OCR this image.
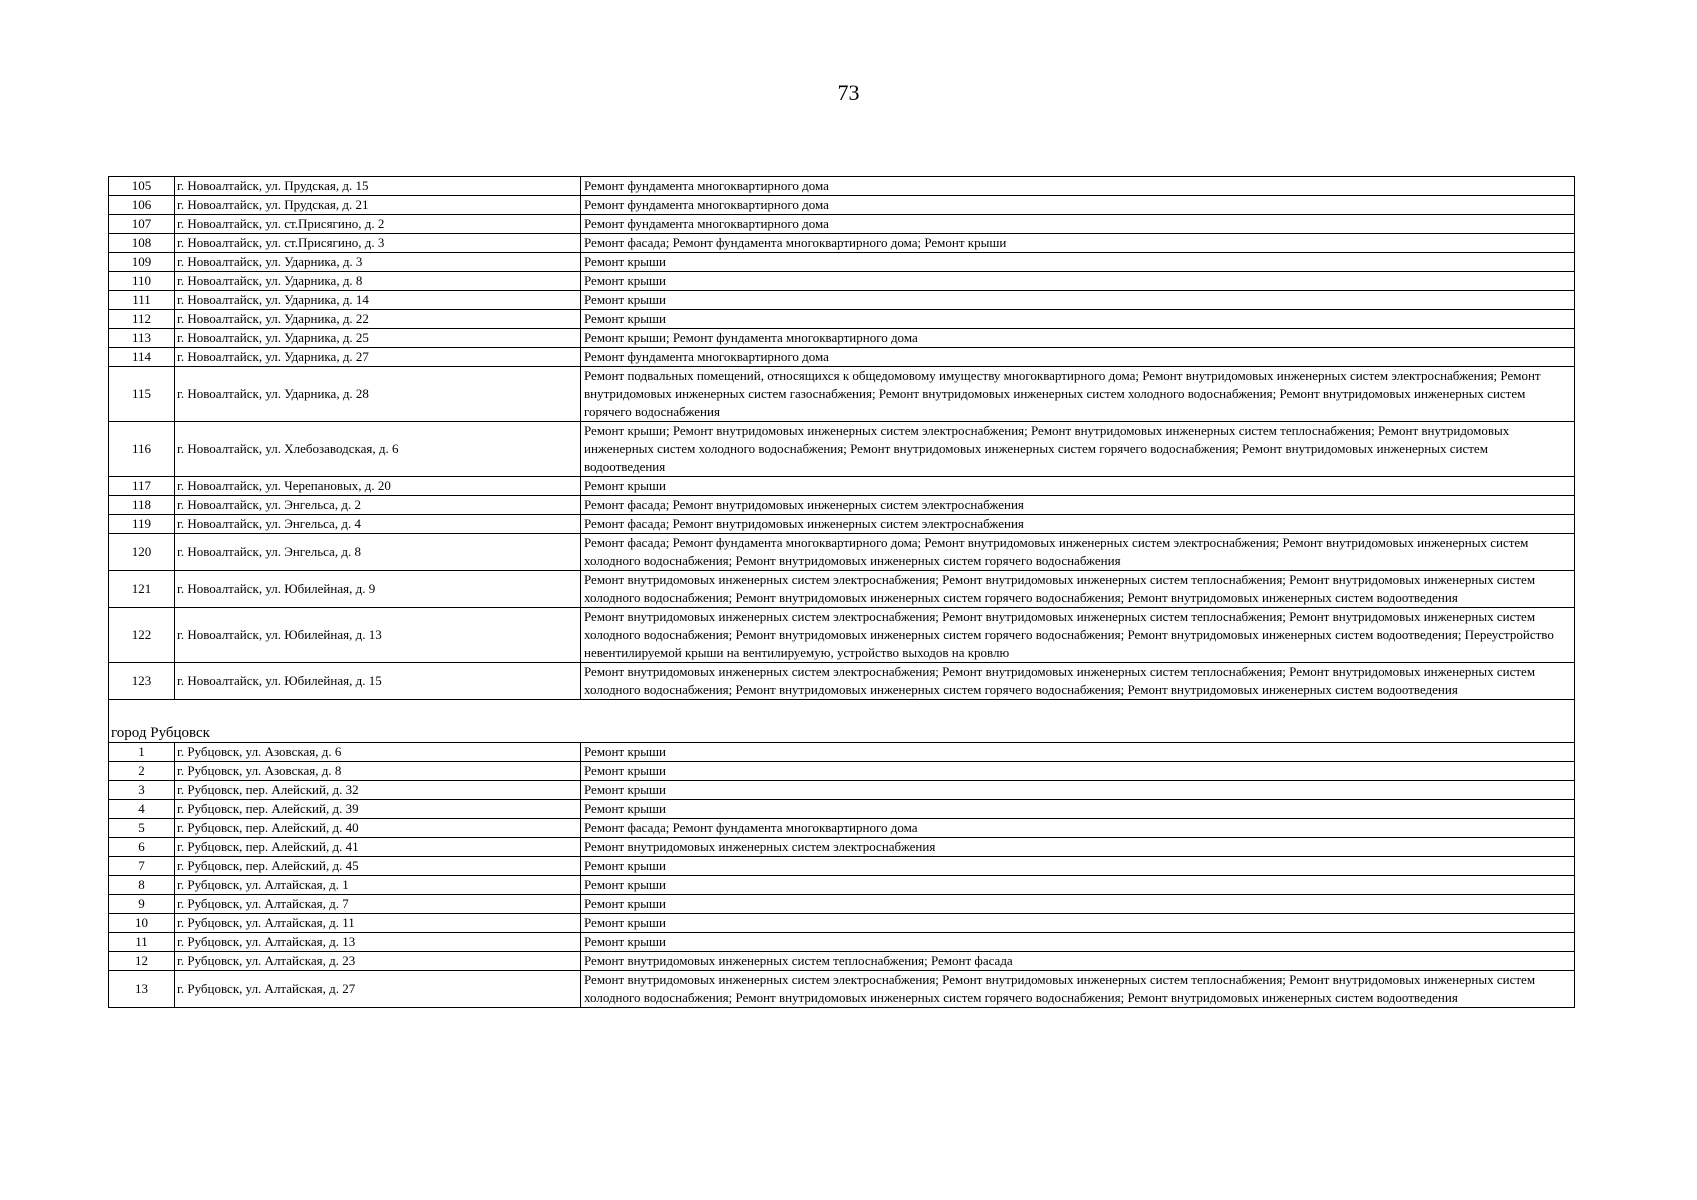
73
105	г. Новоалтайск, ул. Прудская, д. 15	Ремонт фундамента многоквартирного дома
106	г. Новоалтайск, ул. Прудская, д. 21	Ремонт фундамента многоквартирного дома
107	г. Новоалтайск, ул. ст.Присягино, д. 2	Ремонт фундамента многоквартирного дома
108	г. Новоалтайск, ул. ст.Присягино, д. 3	Ремонт фасада; Ремонт фундамента многоквартирного дома; Ремонт крыши
109	г. Новоалтайск, ул. Ударника, д. 3	Ремонт крыши
110	г. Новоалтайск, ул. Ударника, д. 8	Ремонт крыши
111	г. Новоалтайск, ул. Ударника, д. 14	Ремонт крыши
112	г. Новоалтайск, ул. Ударника, д. 22	Ремонт крыши
113	г. Новоалтайск, ул. Ударника, д. 25	Ремонт крыши; Ремонт фундамента многоквартирного дома
114	г. Новоалтайск, ул. Ударника, д. 27	Ремонт фундамента многоквартирного дома
115	г. Новоалтайск, ул. Ударника, д. 28	Ремонт подвальных помещений, относящихся к общедомовому имуществу многоквартирного дома; Ремонт внутридомовых инженерных систем электроснабжения; Ремонт внутридомовых инженерных систем газоснабжения; Ремонт внутридомовых инженерных систем холодного водоснабжения; Ремонт внутридомовых инженерных систем горячего водоснабжения
116	г. Новоалтайск, ул. Хлебозаводская, д. 6	Ремонт крыши; Ремонт внутридомовых инженерных систем электроснабжения; Ремонт внутридомовых инженерных систем теплоснабжения; Ремонт внутридомовых инженерных систем холодного водоснабжения; Ремонт внутридомовых инженерных систем горячего водоснабжения; Ремонт внутридомовых инженерных систем водоотведения
117	г. Новоалтайск, ул. Черепановых, д. 20	Ремонт крыши
118	г. Новоалтайск, ул. Энгельса, д. 2	Ремонт фасада; Ремонт внутридомовых инженерных систем электроснабжения
119	г. Новоалтайск, ул. Энгельса, д. 4	Ремонт фасада; Ремонт внутридомовых инженерных систем электроснабжения
120	г. Новоалтайск, ул. Энгельса, д. 8	Ремонт фасада; Ремонт фундамента многоквартирного дома; Ремонт внутридомовых инженерных систем электроснабжения; Ремонт внутридомовых инженерных систем холодного водоснабжения; Ремонт внутридомовых инженерных систем горячего водоснабжения
121	г. Новоалтайск, ул. Юбилейная, д. 9	Ремонт внутридомовых инженерных систем электроснабжения; Ремонт внутридомовых инженерных систем теплоснабжения; Ремонт внутридомовых инженерных систем холодного водоснабжения; Ремонт внутридомовых инженерных систем горячего водоснабжения; Ремонт внутридомовых инженерных систем водоотведения
122	г. Новоалтайск, ул. Юбилейная, д. 13	Ремонт внутридомовых инженерных систем электроснабжения; Ремонт внутридомовых инженерных систем теплоснабжения; Ремонт внутридомовых инженерных систем холодного водоснабжения; Ремонт внутридомовых инженерных систем горячего водоснабжения; Ремонт внутридомовых инженерных систем водоотведения; Переустройство невентилируемой крыши на вентилируемую, устройство выходов на кровлю
123	г. Новоалтайск, ул. Юбилейная, д. 15	Ремонт внутридомовых инженерных систем электроснабжения; Ремонт внутридомовых инженерных систем теплоснабжения; Ремонт внутридомовых инженерных систем холодного водоснабжения; Ремонт внутридомовых инженерных систем горячего водоснабжения; Ремонт внутридомовых инженерных систем водоотведения
город Рубцовск		
1	г. Рубцовск, ул. Азовская, д. 6	Ремонт крыши
2	г. Рубцовск, ул. Азовская, д. 8	Ремонт крыши
3	г. Рубцовск, пер. Алейский, д. 32	Ремонт крыши
4	г. Рубцовск, пер. Алейский, д. 39	Ремонт крыши
5	г. Рубцовск, пер. Алейский, д. 40	Ремонт фасада; Ремонт фундамента многоквартирного дома
6	г. Рубцовск, пер. Алейский, д. 41	Ремонт внутридомовых инженерных систем электроснабжения
7	г. Рубцовск, пер. Алейский, д. 45	Ремонт крыши
8	г. Рубцовск, ул. Алтайская, д. 1	Ремонт крыши
9	г. Рубцовск, ул. Алтайская, д. 7	Ремонт крыши
10	г. Рубцовск, ул. Алтайская, д. 11	Ремонт крыши
11	г. Рубцовск, ул. Алтайская, д. 13	Ремонт крыши
12	г. Рубцовск, ул. Алтайская, д. 23	Ремонт внутридомовых инженерных систем теплоснабжения; Ремонт фасада
13	г. Рубцовск, ул. Алтайская, д. 27	Ремонт внутридомовых инженерных систем электроснабжения; Ремонт внутридомовых инженерных систем теплоснабжения; Ремонт внутридомовых инженерных систем холодного водоснабжения; Ремонт внутридомовых инженерных систем горячего водоснабжения; Ремонт внутридомовых инженерных систем водоотведения
